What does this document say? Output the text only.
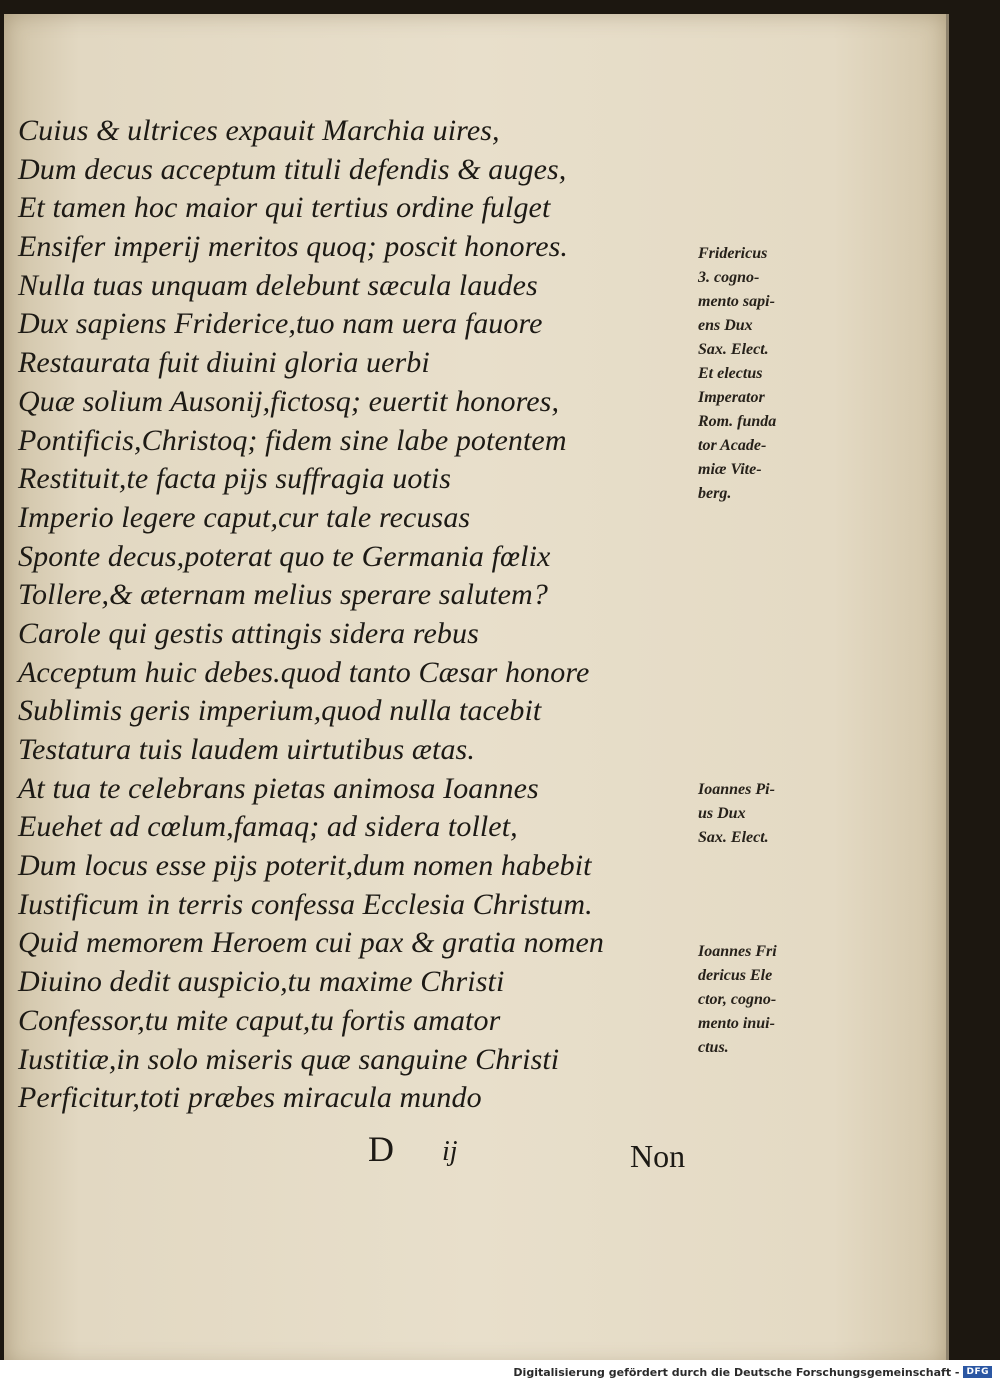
Cuius & ultrices expauit Marchia uires,
Dum decus acceptum tituli defendis & auges,
Et tamen hoc maior qui tertius ordine fulget
Ensifer imperij meritos quoq; poscit honores.
Nulla tuas unquam delebunt sæcula laudes
Dux sapiens Friderice,tuo nam uera fauore
Restaurata fuit diuini gloria uerbi
Quæ solium Ausonij,fictosq; euertit honores,
Pontificis,Christoq; fidem sine labe potentem
Restituit,te facta pijs suffragia uotis
Imperio legere caput,cur tale recusas
Sponte decus,poterat quo te Germania fœlix
Tollere,& æternam melius sperare salutem?
Carole qui gestis attingis sidera rebus
Acceptum huic debes.quod tanto Cæsar honore
Sublimis geris imperium,quod nulla tacebit
Testatura tuis laudem uirtutibus ætas.
At tua te celebrans pietas animosa Ioannes
Euehet ad cœlum,famaq; ad sidera tollet,
Dum locus esse pijs poterit,dum nomen habebit
Iustificum in terris confessa Ecclesia Christum.
Quid memorem Heroem cui pax & gratia nomen
Diuino dedit auspicio,tu maxime Christi
Confessor,tu mite caput,tu fortis amator
Iustitiæ,in solo miseris quæ sanguine Christi
Perficitur,toti præbes miracula mundo

Fridericus

3. cogno-

mento sapi-

ens Dux

Sax. Elect.

Et electus

Imperator

Rom. funda

tor Acade-

miæ Vite-

berg.

Ioannes Pi-

us Dux

Sax. Elect.

Ioannes Fri

dericus Ele

ctor, cogno-

mento inui-

ctus.

D ij	Non
Digitalisierung gefördert durch die Deutsche Forschungsgemeinschaft - DFG
